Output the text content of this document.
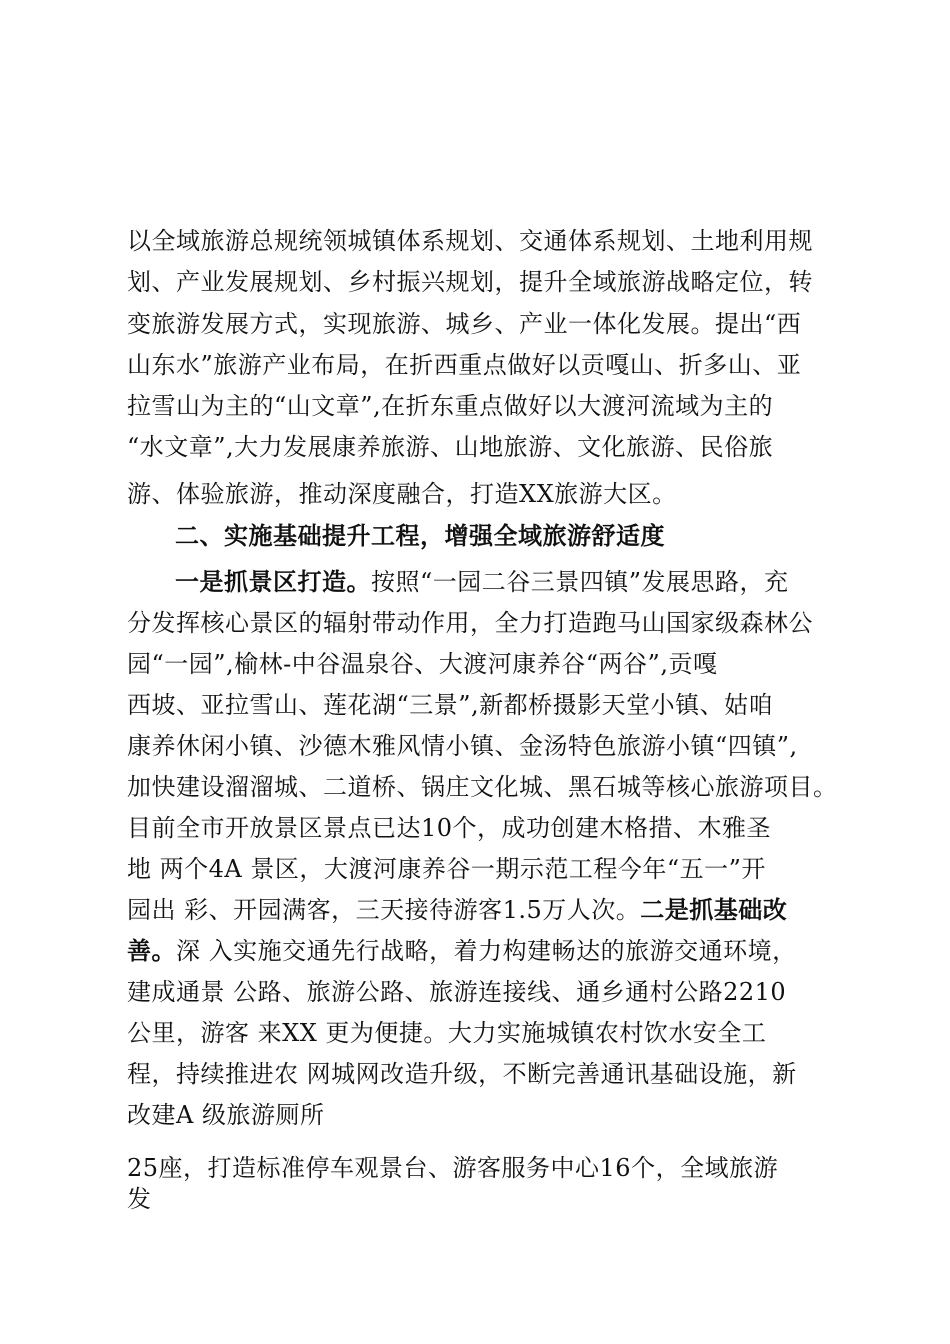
以全域旅游总规统领城镇体系规划、交通体系规划、土地利用规
划、产业发展规划、乡村振兴规划，提升全域旅游战略定位，转
变旅游发展方式，实现旅游、城乡、产业一体化发展。提出“西
山东水”旅游产业布局，在折西重点做好以贡嘎山、折多山、亚
拉雪山为主的“山文章”,在折东重点做好以大渡河流域为主的
“水文章”,大力发展康养旅游、山地旅游、文化旅游、民俗旅
游、体验旅游，推动深度融合，打造XX旅游大区。
二、实施基础提升工程，增强全域旅游舒适度
一是抓景区打造。按照“一园二谷三景四镇”发展思路，充
分发挥核心景区的辐射带动作用，全力打造跑马山国家级森林公
园“一园”,榆林-中谷温泉谷、大渡河康养谷“两谷”,贡嘎
西坡、亚拉雪山、莲花湖“三景”,新都桥摄影天堂小镇、姑咱
康养休闲小镇、沙德木雅风情小镇、金汤特色旅游小镇“四镇”,
加快建设溜溜城、二道桥、锅庄文化城、黑石城等核心旅游项目。
目前全市开放景区景点已达10个，成功创建木格措、木雅圣
地 两个4A 景区，大渡河康养谷一期示范工程今年“五一”开
园出 彩、开园满客，三天接待游客1.5万人次。二是抓基础改
善。深 入实施交通先行战略，着力构建畅达的旅游交通环境，
建成通景 公路、旅游公路、旅游连接线、通乡通村公路2210
公里，游客 来XX 更为便捷。大力实施城镇农村饮水安全工
程，持续推进农 网城网改造升级，不断完善通讯基础设施，新
改建A 级旅游厕所
25座，打造标准停车观景台、游客服务中心16个，全域旅游
发
